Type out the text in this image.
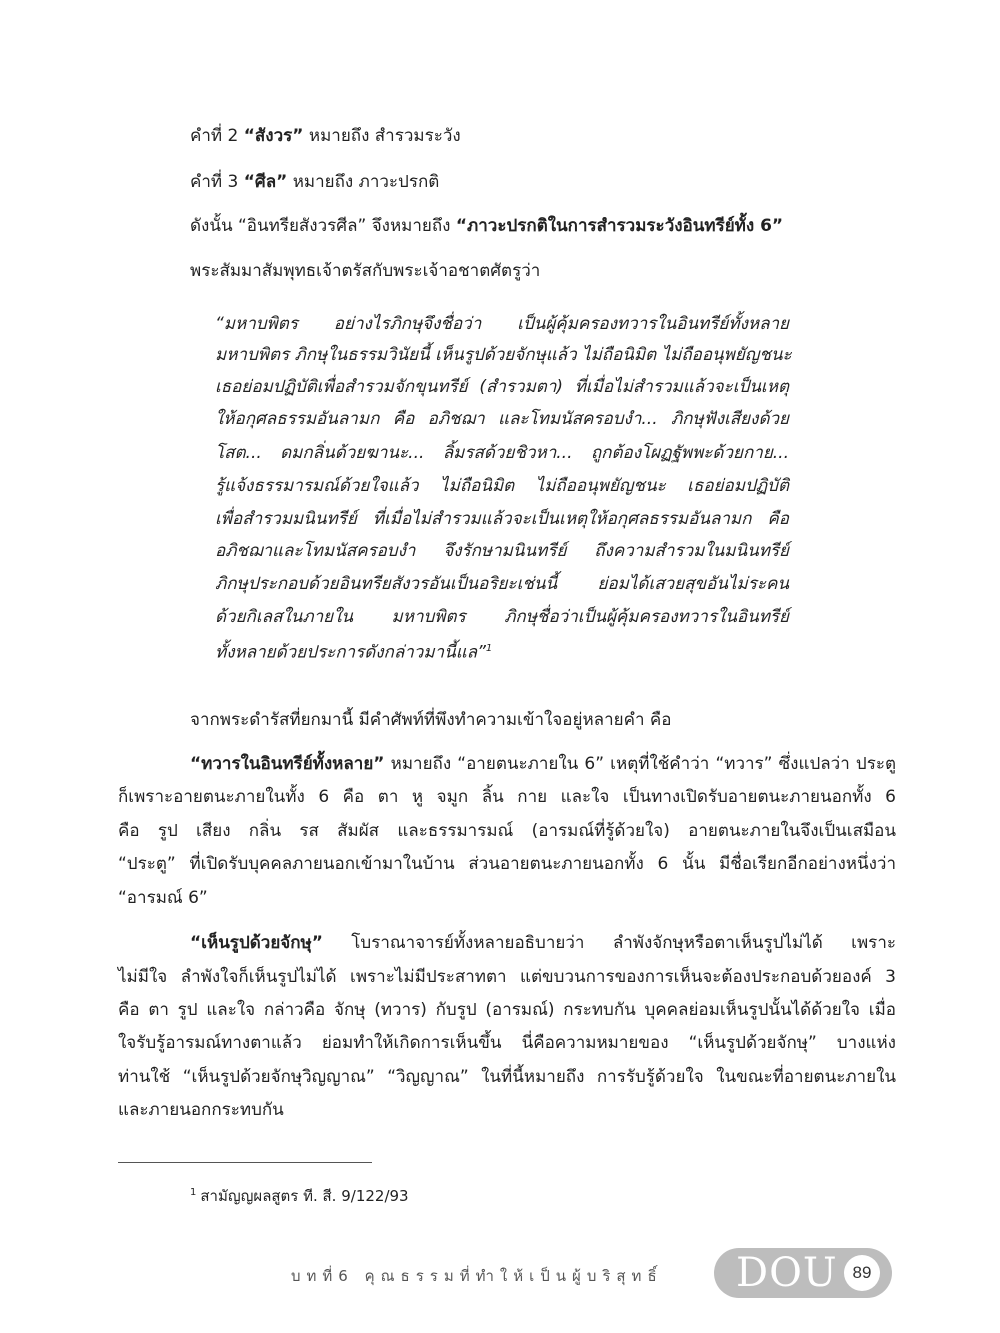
คำที่ 2 “สังวร” หมายถึง สำรวมระวัง
คำที่ 3 “ศีล” หมายถึง ภาวะปรกติ
ดังนั้น “อินทรียสังวรศีล” จึงหมายถึง “ภาวะปรกติในการสำรวมระวังอินทรีย์ทั้ง 6”
พระสัมมาสัมพุทธเจ้าตรัสกับพระเจ้าอชาตศัตรูว่า
“มหาบพิตร อย่างไรภิกษุจึงชื่อว่า เป็นผู้คุ้มครองทวารในอินทรีย์ทั้งหลาย
มหาบพิตร ภิกษุในธรรมวินัยนี้ เห็นรูปด้วยจักษุแล้ว ไม่ถือนิมิต ไม่ถืออนุพยัญชนะ
เธอย่อมปฏิบัติเพื่อสำรวมจักขุนทรีย์ (สำรวมตา) ที่เมื่อไม่สำรวมแล้วจะเป็นเหตุ
ให้อกุศลธรรมอันลามก คือ อภิชฌา และโทมนัสครอบงำ... ภิกษุฟังเสียงด้วย
โสต... ดมกลิ่นด้วยฆานะ... ลิ้มรสด้วยชิวหา... ถูกต้องโผฏฐัพพะด้วยกาย...
รู้แจ้งธรรมารมณ์ด้วยใจแล้ว ไม่ถือนิมิต ไม่ถืออนุพยัญชนะ เธอย่อมปฏิบัติ
เพื่อสำรวมมนินทรีย์ ที่เมื่อไม่สำรวมแล้วจะเป็นเหตุให้อกุศลธรรมอันลามก คือ
อภิชฌาและโทมนัสครอบงำ จึงรักษามนินทรีย์ ถึงความสำรวมในมนินทรีย์
ภิกษุประกอบด้วยอินทรียสังวรอันเป็นอริยะเช่นนี้ ย่อมได้เสวยสุขอันไม่ระคน
ด้วยกิเลสในภายใน มหาบพิตร ภิกษุชื่อว่าเป็นผู้คุ้มครองทวารในอินทรีย์
ทั้งหลายด้วยประการดังกล่าวมานี้แล”$^1$
จากพระดำรัสที่ยกมานี้ มีคำศัพท์ที่พึงทำความเข้าใจอยู่หลายคำ คือ
“ทวารในอินทรีย์ทั้งหลาย” หมายถึง “อายตนะภายใน 6” เหตุที่ใช้คำว่า “ทวาร” ซึ่งแปลว่า ประตู
ก็เพราะอายตนะภายในทั้ง 6 คือ ตา หู จมูก ลิ้น กาย และใจ เป็นทางเปิดรับอายตนะภายนอกทั้ง 6
คือ รูป เสียง กลิ่น รส สัมผัส และธรรมารมณ์ (อารมณ์ที่รู้ด้วยใจ) อายตนะภายในจึงเป็นเสมือน
“ประตู” ที่เปิดรับบุคคลภายนอกเข้ามาในบ้าน ส่วนอายตนะภายนอกทั้ง 6 นั้น มีชื่อเรียกอีกอย่างหนึ่งว่า
“อารมณ์ 6”
“เห็นรูปด้วยจักษุ” โบราณาจารย์ทั้งหลายอธิบายว่า ลำพังจักษุหรือตาเห็นรูปไม่ได้ เพราะ
ไม่มีใจ ลำพังใจก็เห็นรูปไม่ได้ เพราะไม่มีประสาทตา แต่ขบวนการของการเห็นจะต้องประกอบด้วยองค์ 3
คือ ตา รูป และใจ กล่าวคือ จักษุ (ทวาร) กับรูป (อารมณ์) กระทบกัน บุคคลย่อมเห็นรูปนั้นได้ด้วยใจ เมื่อ
ใจรับรู้อารมณ์ทางตาแล้ว ย่อมทำให้เกิดการเห็นขึ้น นี่คือความหมายของ “เห็นรูปด้วยจักษุ” บางแห่ง
ท่านใช้ “เห็นรูปด้วยจักษุวิญญาณ” “วิญญาณ” ในที่นี้หมายถึง การรับรู้ด้วยใจ ในขณะที่อายตนะภายใน
และภายนอกกระทบกัน
$^1$ สามัญญผลสูตร ที. สี. 9/122/93
บทที่6 คุณธรรมที่ทำให้เป็นผู้บริสุทธิ์ DOU 89
